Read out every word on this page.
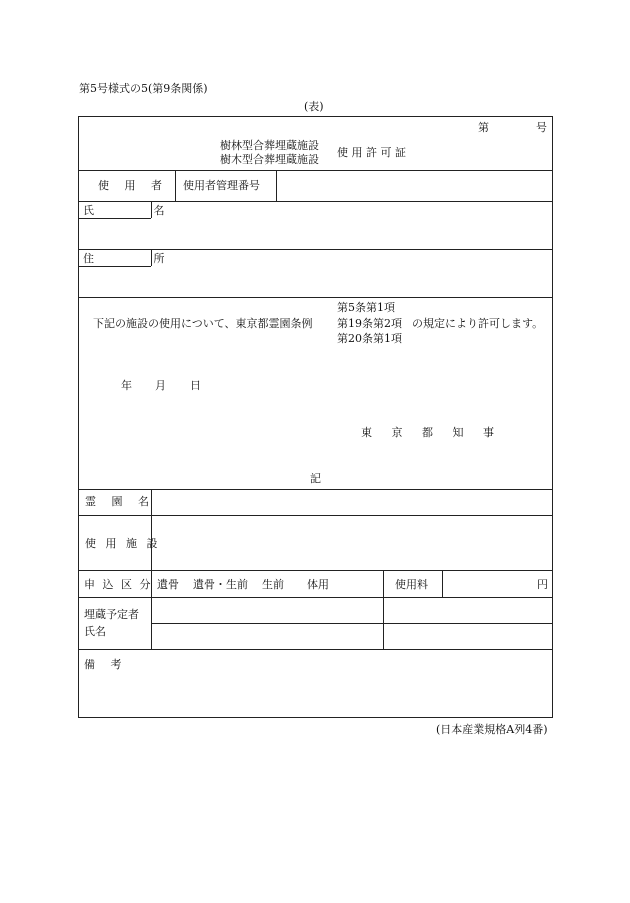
第5号様式の5(第9条関係)
(表)
第	号
樹林型合葬埋蔵施設
樹木型合葬埋蔵施設
使 用 許 可 証
使 用 者 使用者管理番号
氏 名
住 所
第5条第1項
下記の施設の使用について、東京都霊園条例 第19条第2項 の規定により許可します。
第20条第1項
年 月 日
東 京 都 知 事
記
霊 園 名
使 用 施 設
申 込 区 分 遺骨 遺骨・生前 生前 体用	使用料	円
埋蔵予定者
氏名
備 考
(日本産業規格A列4番)
